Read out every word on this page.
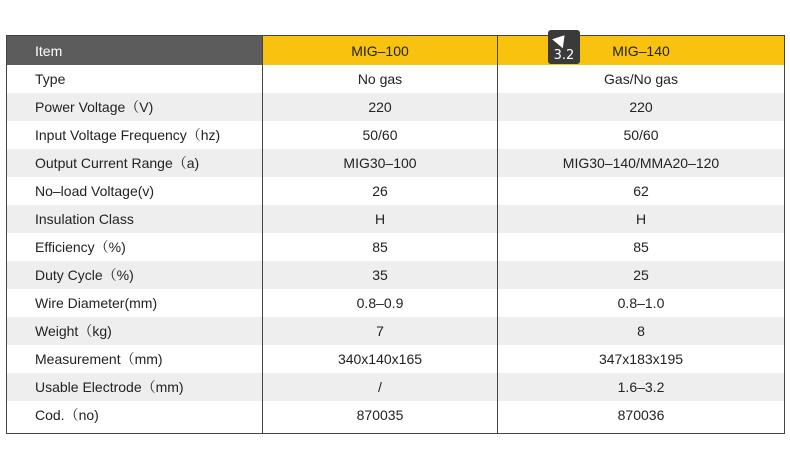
Item	MIG–100	MIG–140
Type	No gas	Gas/No gas
Power Voltage（V)	220	220
Input Voltage Frequency（hz)	50/60	50/60
Output Current Range（a)	MIG30–100	MIG30–140/MMA20–120
No–load Voltage(v)	26	62
Insulation Class	H	H
Efficiency（%)	85	85
Duty Cycle（%)	35	25
Wire Diameter(mm)	0.8–0.9	0.8–1.0
Weight（kg)	7	8
Measurement（mm)	340x140x165	347x183x195
Usable Electrode（mm)	/	1.6–3.2
Cod.（no)	870035	870036
3.2
